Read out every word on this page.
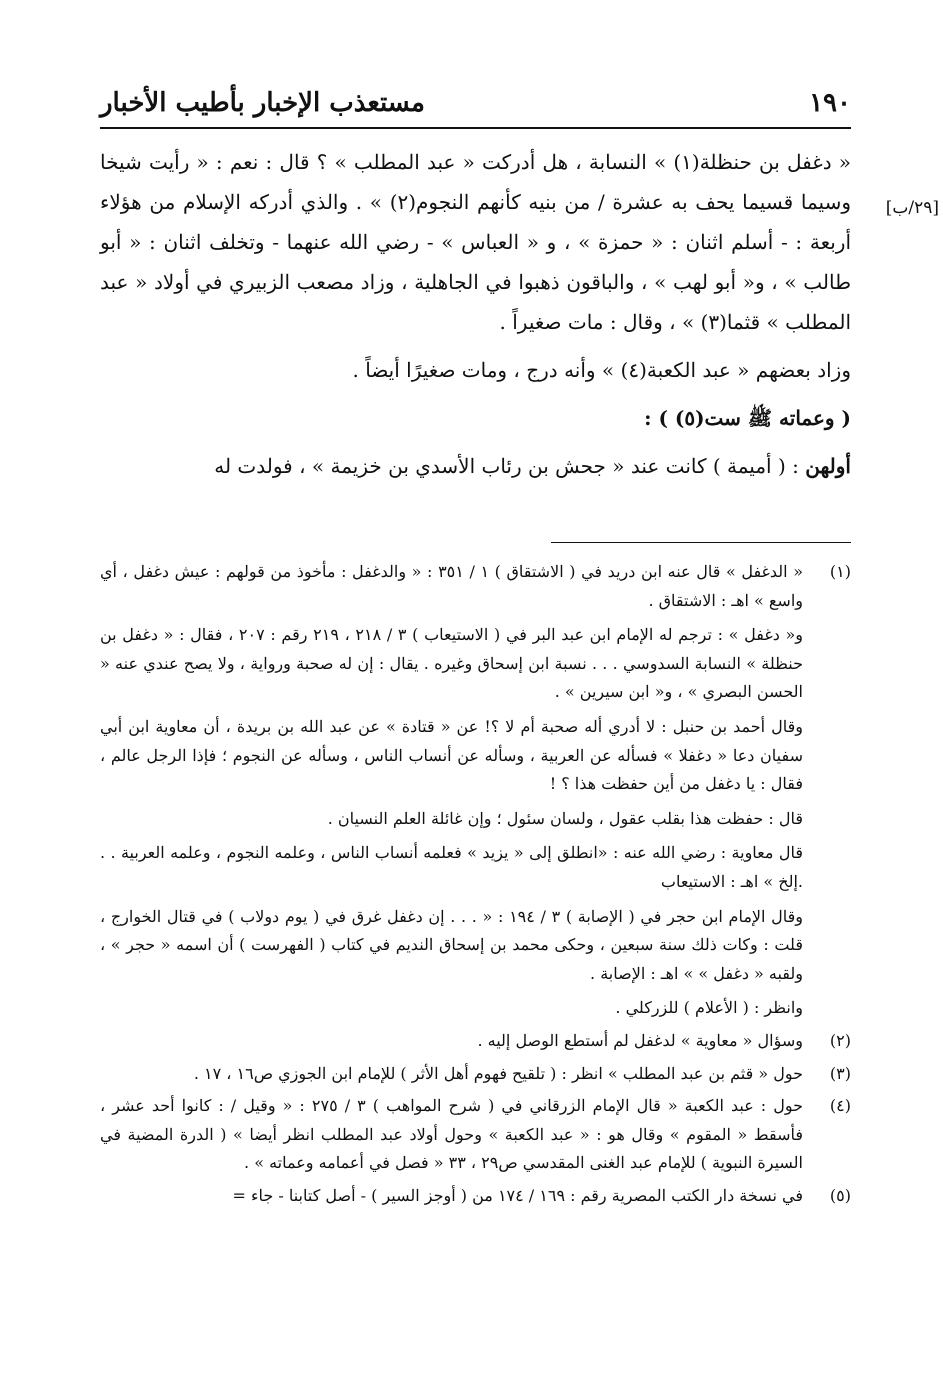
١٩٠
مستعذب الإخبار بأطيب الأخبار
[٢٩/ب]

« دغفل بن حنظلة(١) » النسابة ، هل أدركت « عبد المطلب » ؟ قال : نعم : « رأيت شيخا وسيما قسيما يحف به عشرة / من بنيه كأنهم النجوم(٢) » . والذي أدركه الإسلام من هؤلاء أربعة : - أسلم اثنان : « حمزة » ، و « العباس » - رضي الله عنهما - وتخلف اثنان : « أبو طالب » ، و« أبو لهب » ، والباقون ذهبوا في الجاهلية ، وزاد مصعب الزبيري في أولاد « عبد المطلب » قثما(٣) » ، وقال : مات صغيراً .

وزاد بعضهم « عبد الكعبة(٤) » وأنه درج ، ومات صغيرًا أيضاً .

( وعماته ﷺ ست(٥) ) :

أولهن : ( أميمة ) كانت عند « جحش بن رئاب الأسدي بن خزيمة » ، فولدت له

(١)

« الدغفل » قال عنه ابن دريد في ( الاشتقاق ) ١ / ٣٥١ : « والدغفل : مأخوذ من قولهم : عيش دغفل ، أي واسع » اهـ : الاشتقاق .

و« دغفل » : ترجم له الإمام ابن عبد البر في ( الاستيعاب ) ٣ / ٢١٨ ، ٢١٩ رقم : ٢٠٧ ، فقال : « دغفل بن حنظلة » النسابة السدوسي . . . نسبة ابن إسحاق وغيره . يقال : إن له صحبة ورواية ، ولا يصح عندي عنه « الحسن البصري » ، و« ابن سيرين » .

وقال أحمد بن حنبل : لا أدري أله صحبة أم لا ؟! عن « قتادة » عن عبد الله بن بريدة ، أن معاوية ابن أبي سفيان دعا « دغفلا » فسأله عن العربية ، وسأله عن أنساب الناس ، وسأله عن النجوم ؛ فإذا الرجل عالم ، فقال : يا دغفل من أين حفظت هذا ؟ !

قال : حفظت هذا بقلب عقول ، ولسان سئول ؛ وإن غائلة العلم النسيان .

قال معاوية : رضي الله عنه : «انطلق إلى « يزيد » فعلمه أنساب الناس ، وعلمه النجوم ، وعلمه العربية . . .إلخ » اهـ : الاستيعاب

وقال الإمام ابن حجر في ( الإصابة ) ٣ / ١٩٤ : « . . . إن دغفل غرق في ( يوم دولاب ) في قتال الخوارج ، قلت : وكات ذلك سنة سبعين ، وحكى محمد بن إسحاق النديم في كتاب ( الفهرست ) أن اسمه « حجر » ، ولقبه « دغفل » » اهـ : الإصابة .

وانظر : ( الأعلام ) للزركلي .

(٢)

وسؤال « معاوية » لدغفل لم أستطع الوصل إليه .

(٣)

حول « قثم بن عبد المطلب » انظر : ( تلقيح فهوم أهل الأثر ) للإمام ابن الجوزي ص١٦ ، ١٧ .

(٤)

حول : عبد الكعبة « قال الإمام الزرقاني في ( شرح المواهب ) ٣ / ٢٧٥ : « وقيل / : كانوا أحد عشر ، فأسقط « المقوم » وقال هو : « عبد الكعبة » وحول أولاد عبد المطلب انظر أيضا » ( الدرة المضية في السيرة النبوية ) للإمام عبد الغنى المقدسي ص٢٩ ، ٣٣ « فصل في أعمامه وعماته » .

(٥)

في نسخة دار الكتب المصرية رقم : ١٦٩ / ١٧٤ من ( أوجز السير ) - أصل كتابنا - جاء =
